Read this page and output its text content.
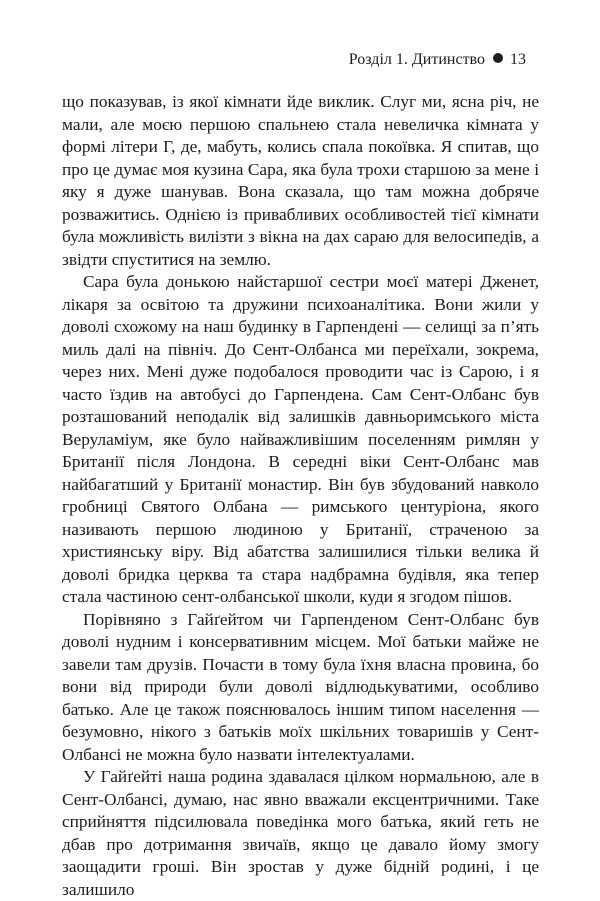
Розділ 1. Дитинство 13

що показував, із якої кімнати йде виклик. Слуг ми, ясна річ, не мали, але моєю першою спальнею стала невеличка кімната у формі літери Г, де, мабуть, колись спала покоївка. Я спитав, що про це думає моя кузина Сара, яка була трохи старшою за мене і яку я дуже шанував. Вона сказала, що там можна добряче розважитись. Однією із привабливих особливостей тієї кімнати була можливість вилізти з вікна на дах сараю для велосипедів, а звідти спуститися на землю.

Сара була донькою найстаршої сестри моєї матері Дженет, лікаря за освітою та дружини психоаналітика. Вони жили у доволі схожому на наш будинку в Гарпендені — селищі за п’ять миль далі на північ. До Сент-Олбанса ми переїхали, зокрема, через них. Мені дуже подобалося проводити час із Сарою, і я часто їздив на автобусі до Гарпендена. Сам Сент-Олбанс був розташований неподалік від залишків давньоримського міста Веруламіум, яке було найважливішим поселенням римлян у Британії після Лондона. В середні віки Сент-Олбанс мав найбагатший у Британії монастир. Він був збудований навколо гробниці Святого Олбана — римського центуріона, якого називають першою людиною у Британії, страченою за християнську віру. Від абатства залишилися тільки велика й доволі бридка церква та стара надбрамна будівля, яка тепер стала частиною сент-олбанської школи, куди я згодом пішов.

Порівняно з Гайґейтом чи Гарпенденом Сент-Олбанс був доволі нудним і консервативним місцем. Мої батьки майже не завели там друзів. Почасти в тому була їхня власна провина, бо вони від природи були доволі відлюдькуватими, особливо батько. Але це також пояснювалось іншим типом населення — безумовно, нікого з батьків моїх шкільних товаришів у Сент-Олбансі не можна було назвати інтелектуалами.

У Гайґейті наша родина здавалася цілком нормальною, але в Сент-Олбансі, думаю, нас явно вважали ексцентричними. Таке сприйняття підсилювала поведінка мого батька, який геть не дбав про дотримання звичаїв, якщо це давало йому змогу заощадити гроші. Він зростав у дуже бідній родині, і це залишило
